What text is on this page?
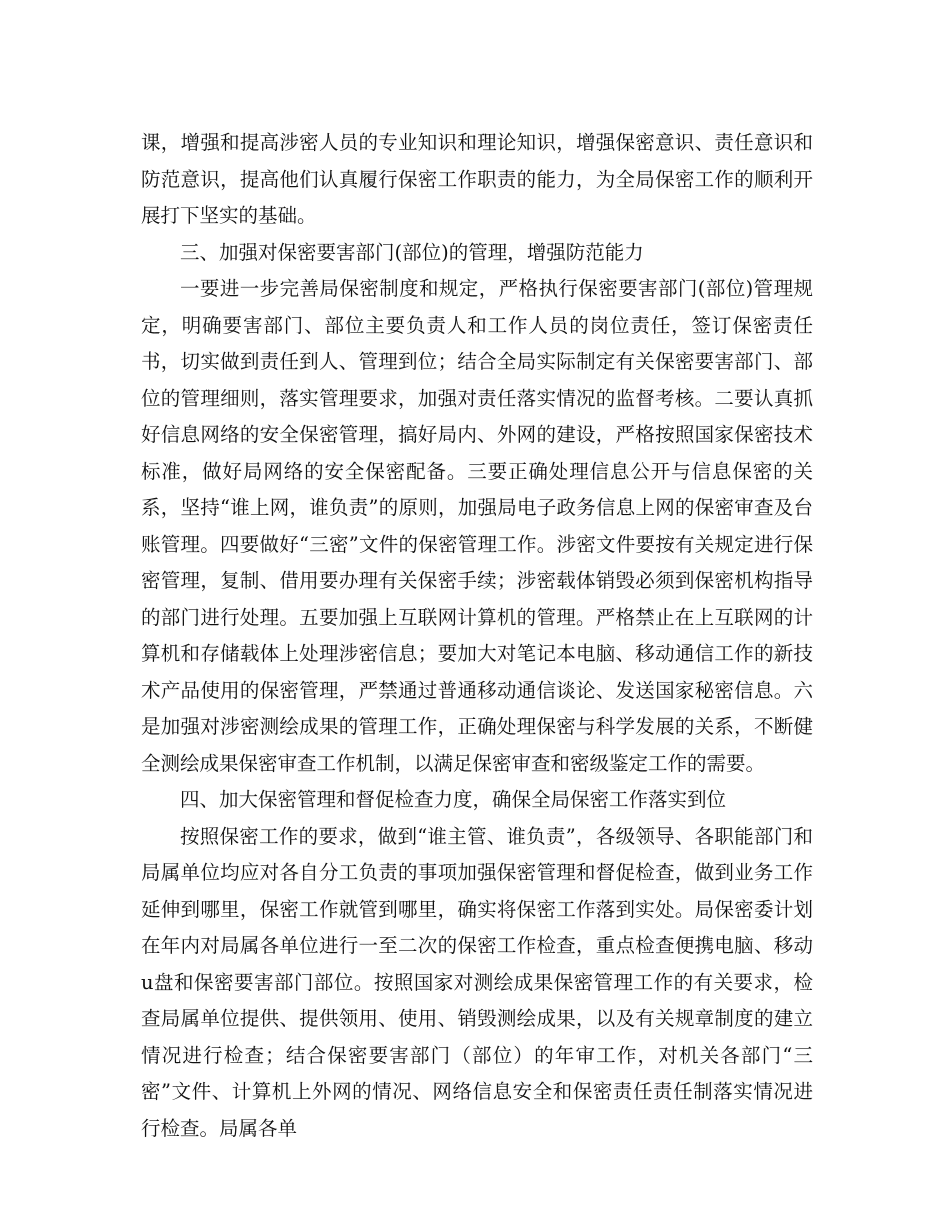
课，增强和提高涉密人员的专业知识和理论知识，增强保密意识、责任意识和防范意识，提高他们认真履行保密工作职责的能力，为全局保密工作的顺利开展打下坚实的基础。

三、加强对保密要害部门(部位)的管理，增强防范能力

一要进一步完善局保密制度和规定，严格执行保密要害部门(部位)管理规定，明确要害部门、部位主要负责人和工作人员的岗位责任，签订保密责任书，切实做到责任到人、管理到位；结合全局实际制定有关保密要害部门、部位的管理细则，落实管理要求，加强对责任落实情况的监督考核。二要认真抓好信息网络的安全保密管理，搞好局内、外网的建设，严格按照国家保密技术标准，做好局网络的安全保密配备。三要正确处理信息公开与信息保密的关系，坚持“谁上网，谁负责”的原则，加强局电子政务信息上网的保密审查及台账管理。四要做好“三密”文件的保密管理工作。涉密文件要按有关规定进行保密管理，复制、借用要办理有关保密手续；涉密载体销毁必须到保密机构指导的部门进行处理。五要加强上互联网计算机的管理。严格禁止在上互联网的计算机和存储载体上处理涉密信息；要加大对笔记本电脑、移动通信工作的新技术产品使用的保密管理，严禁通过普通移动通信谈论、发送国家秘密信息。六是加强对涉密测绘成果的管理工作，正确处理保密与科学发展的关系，不断健全测绘成果保密审查工作机制，以满足保密审查和密级鉴定工作的需要。

四、加大保密管理和督促检查力度，确保全局保密工作落实到位

按照保密工作的要求，做到“谁主管、谁负责”，各级领导、各职能部门和局属单位均应对各自分工负责的事项加强保密管理和督促检查，做到业务工作延伸到哪里，保密工作就管到哪里，确实将保密工作落到实处。局保密委计划在年内对局属各单位进行一至二次的保密工作检查，重点检查便携电脑、移动u盘和保密要害部门部位。按照国家对测绘成果保密管理工作的有关要求，检查局属单位提供、提供领用、使用、销毁测绘成果，以及有关规章制度的建立情况进行检查；结合保密要害部门（部位）的年审工作，对机关各部门“三密”文件、计算机上外网的情况、网络信息安全和保密责任责任制落实情况进行检查。局属各单
